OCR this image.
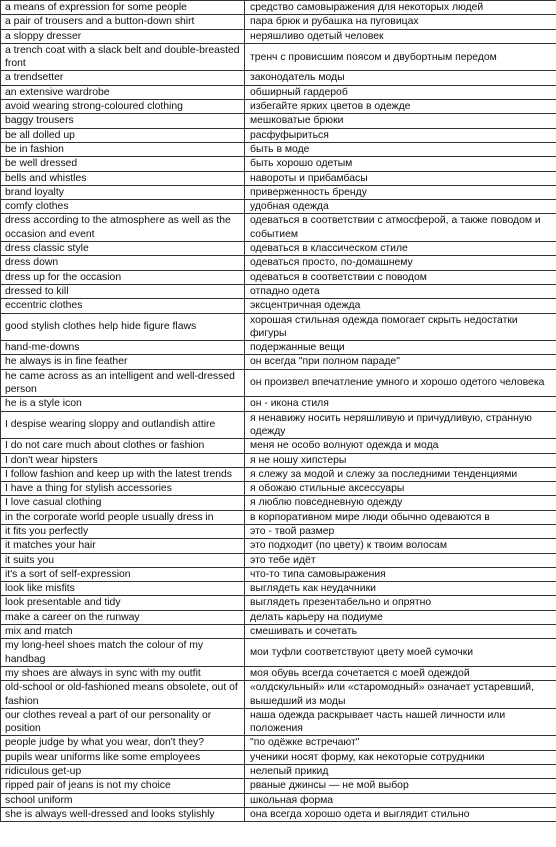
a means of expression for some people	средство самовыражения для некоторых людей
a pair of trousers and a button-down shirt	пара брюк и рубашка на пуговицах
a sloppy dresser	неряшливо одетый человек
a trench coat with a slack belt and double-breasted front	тренч с провисшим поясом и двубортным передом
a trendsetter	законодатель моды
an extensive wardrobe	обширный гардероб
avoid wearing strong-coloured clothing	избегайте ярких цветов в одежде
baggy trousers	мешковатые брюки
be all dolled up	расфуфыриться
be in fashion	быть в моде
be well dressed	быть хорошо одетым
bells and whistles	навороты и прибамбасы
brand loyalty	приверженность бренду
comfy clothes	удобная одежда
dress according to the atmosphere as well as the occasion and event	одеваться в соответствии с атмосферой, а также поводом и событием
dress classic style	одеваться в классическом стиле
dress down	одеваться просто, по-домашнему
dress up for the occasion	одеваться в соответствии с поводом
dressed to kill	отпадно одета
eccentric clothes	эксцентричная одежда
good stylish clothes help hide figure flaws	хорошая стильная одежда помогает скрыть недостатки фигуры
hand-me-downs	подержанные вещи
he always is in fine feather	он всегда "при полном параде"
he came across as an intelligent and well-dressed person	он произвел впечатление умного и хорошо одетого человека
he is a style icon	он - икона стиля
I despise wearing sloppy and outlandish attire	я ненавижу носить неряшливую и причудливую, странную одежду
I do not care much about clothes or fashion	меня не особо волнуют одежда и мода
I don't wear hipsters	я не ношу хипстеры
I follow fashion and keep up with the latest trends	я слежу за модой и слежу за последними тенденциями
I have a thing for stylish accessories	я обожаю стильные аксессуары
I love casual clothing	я люблю повседневную одежду
in the corporate world people usually dress in	в корпоративном мире люди обычно одеваются в
it fits you perfectly	это - твой размер
it matches your hair	это подходит (по цвету) к твоим волосам
it suits you	это тебе идёт
it's a sort of self-expression	что-то типа самовыражения
look like misfits	выглядеть как неудачники
look presentable and tidy	выглядеть презентабельно и опрятно
make a career on the runway	делать карьеру на подиуме
mix and match	смешивать и сочетать
my long-heel shoes match the colour of my handbag	мои туфли соответствуют цвету моей сумочки
my shoes are always in sync with my outfit	моя обувь всегда сочетается с моей одеждой
old-school or old-fashioned means obsolete, out of fashion	«олдскульный» или «старомодный» означает устаревший, вышедший из моды
our clothes reveal a part of our personality or position	наша одежда раскрывает часть нашей личности или положения
people judge by what you wear, don't they?	"по одёжке встречают"
pupils wear uniforms like some employees	ученики носят форму, как некоторые сотрудники
ridiculous get-up	нелепый прикид
ripped pair of jeans is not my choice	рваные джинсы — не мой выбор
school uniform	школьная форма
she is always well-dressed and looks stylishly	она всегда хорошо одета и выглядит стильно
